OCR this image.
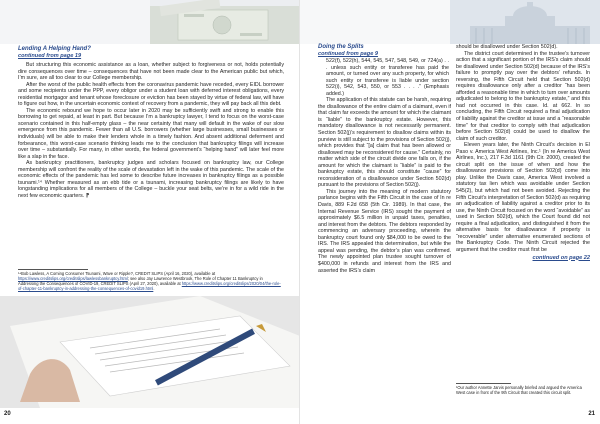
Lending A Helping Hand?
continued from page 19

But structuring this economic assistance as a loan, whether subject to forgiveness or not, holds potentially dire consequences over time – consequences that have not been made clear to the American public but which, I’m sure, are all too clear to our College membership.

After the worst of the public health effects from the coronavirus pandemic have receded, every EIDL borrower and some recipients under the PPP, every obligor under a student loan with deferred interest obligations, every residential mortgagor and tenant whose foreclosure or eviction has been stayed by virtue of federal law, will have to figure out how, in the uncertain economic context of recovery from a pandemic, they will pay back all this debt.

The economic rebound we hope to occur later in 2020 may be sufficiently swift and strong to enable this borrowing to get repaid, at least in part. But because I’m a bankruptcy lawyer, I tend to focus on the worst-case scenario contained in this half-empty glass – the near certainty that many will default in the wake of our slow emergence from this pandemic. Fewer than all U.S. borrowers (whether large businesses, small businesses or individuals) will be able to make their lenders whole in a timely fashion. And absent additional deferment and forbearance, this worst-case scenario thinking leads me to the conclusion that bankruptcy filings will increase over time – substantially. For many, in other words, the federal government’s “helping hand” will later feel more like a slap in the face.

As bankruptcy practitioners, bankruptcy judges and scholars focused on bankruptcy law, our College membership will confront the reality of the scale of devastation left in the wake of this pandemic. The scale of the economic effects of the pandemic has led some to describe future increases in bankruptcy filings as a possible tsunami.¹⁴ Whether measured as an ebb tide or a tsunami, increasing bankruptcy filings are likely to have longstanding implications for all members of the College – buckle your seat belts, we’re in for a wild ride in the next few economic quarters. ⁋

¹⁴Bob Lawless, A Coming Consumer Tsunami, Wave or Ripple?, CREDIT SLIPS (April 16, 2020), available at https://www.creditslips.org/creditslips/lawlessbankruptcy.html; see also Jay Lawrence Westbrook, The Role of Chapter 11 Bankruptcy in Addressing the Consequences of COVID-19, CREDIT SLIPS (April 27, 2020), available at https://www.creditslips.org/creditslips/2020/04/the-role-of-chapter-11-bankruptcy-in-addressing-the-consequences-of-covid19.html.
20
Doing the Splits
continued from page 9

522(f), 522(h), 544, 545, 547, 548, 549, or 724(a) . . . unless such entity or transferee has paid the amount, or turned over any such property, for which such entity or transferee is liable under section 522(i), 542, 543, 550, or 553 . . . .” (Emphasis added.)

The application of this statute can be harsh, requiring the disallowance of the entire claim of a claimant, even if that claim far exceeds the amount for which the claimant is “liable” to the bankruptcy estate. However, this mandatory disallowance is not necessarily permanent. Section 502(j)’s requirement to disallow claims within its purview is still subject to the provisions of Section 502(j), which provides that “[a] claim that has been allowed or disallowed may be reconsidered for cause.” Certainly, no matter which side of the circuit divide one falls on, if the amount for which the claimant is “liable” is paid to the bankruptcy estate, this should constitute “cause” for reconsideration of a disallowance under Section 502(d) pursuant to the provisions of Section 502(j).

This journey into the meaning of modern statutory parlance begins with the Fifth Circuit in the case of In re Davis, 889 F.2d 658 (5th Cir. 1989). In that case, the Internal Revenue Service (IRS) sought the payment of approximately $6.5 million in unpaid taxes, penalties, and interest from the debtors. The debtors responded by commencing an adversary proceeding, wherein the bankruptcy court found only $84,000 to be owed to the IRS. The IRS appealed this determination, but while the appeal was pending, the debtor’s plan was confirmed. The newly appointed plan trustee sought turnover of $400,000 in refunds and interest from the IRS and asserted the IRS’s claim

should be disallowed under Section 502(d).

The district court determined in the trustee’s turnover action that a significant portion of the IRS’s claim should be disallowed under Section 502(d) because of the IRS’s failure to promptly pay over the debtors’ refunds. In reversing, the Fifth Circuit held that Section 502(d) requires disallowance only after a creditor “has been afforded a reasonable time in which to turn over amounts adjudicated to belong to the bankruptcy estate,” and this had not occurred in this case. Id. at 662. In so concluding, the Fifth Circuit required a final adjudication of liability against the creditor at issue and a “reasonable time” for that creditor to comply with that adjudication before Section 502(d) could be used to disallow the claim of such creditor.

Eleven years later, the Ninth Circuit’s decision in El Paso v. America West Airlines, Inc.¹ (In re America West Airlines, Inc.), 217 F.3d 1161 (9th Cir. 2000), created the circuit split on the issue of when and how the disallowance provisions of Section 502(d) come into play. Unlike the Davis case, America West involved a statutory tax lien which was avoidable under Section 545(2), but which had not been avoided. Rejecting the Fifth Circuit’s interpretation of Section 502(d) as requiring an adjudication of liability against a creditor prior to its use, the Ninth Circuit focused on the word “avoidable” as used in Section 502(d), which the Court found did not require a final adjudication, and distinguished it from the alternative basis for disallowance if property is “recoverable” under alternative enumerated sections of the Bankruptcy Code. The Ninth Circuit rejected the argument that the creditor must first be

continued on page 22
¹Our author Annette Jarvis personally briefed and argued the America West case in front of the 9th Circuit that created this circuit split.
21
